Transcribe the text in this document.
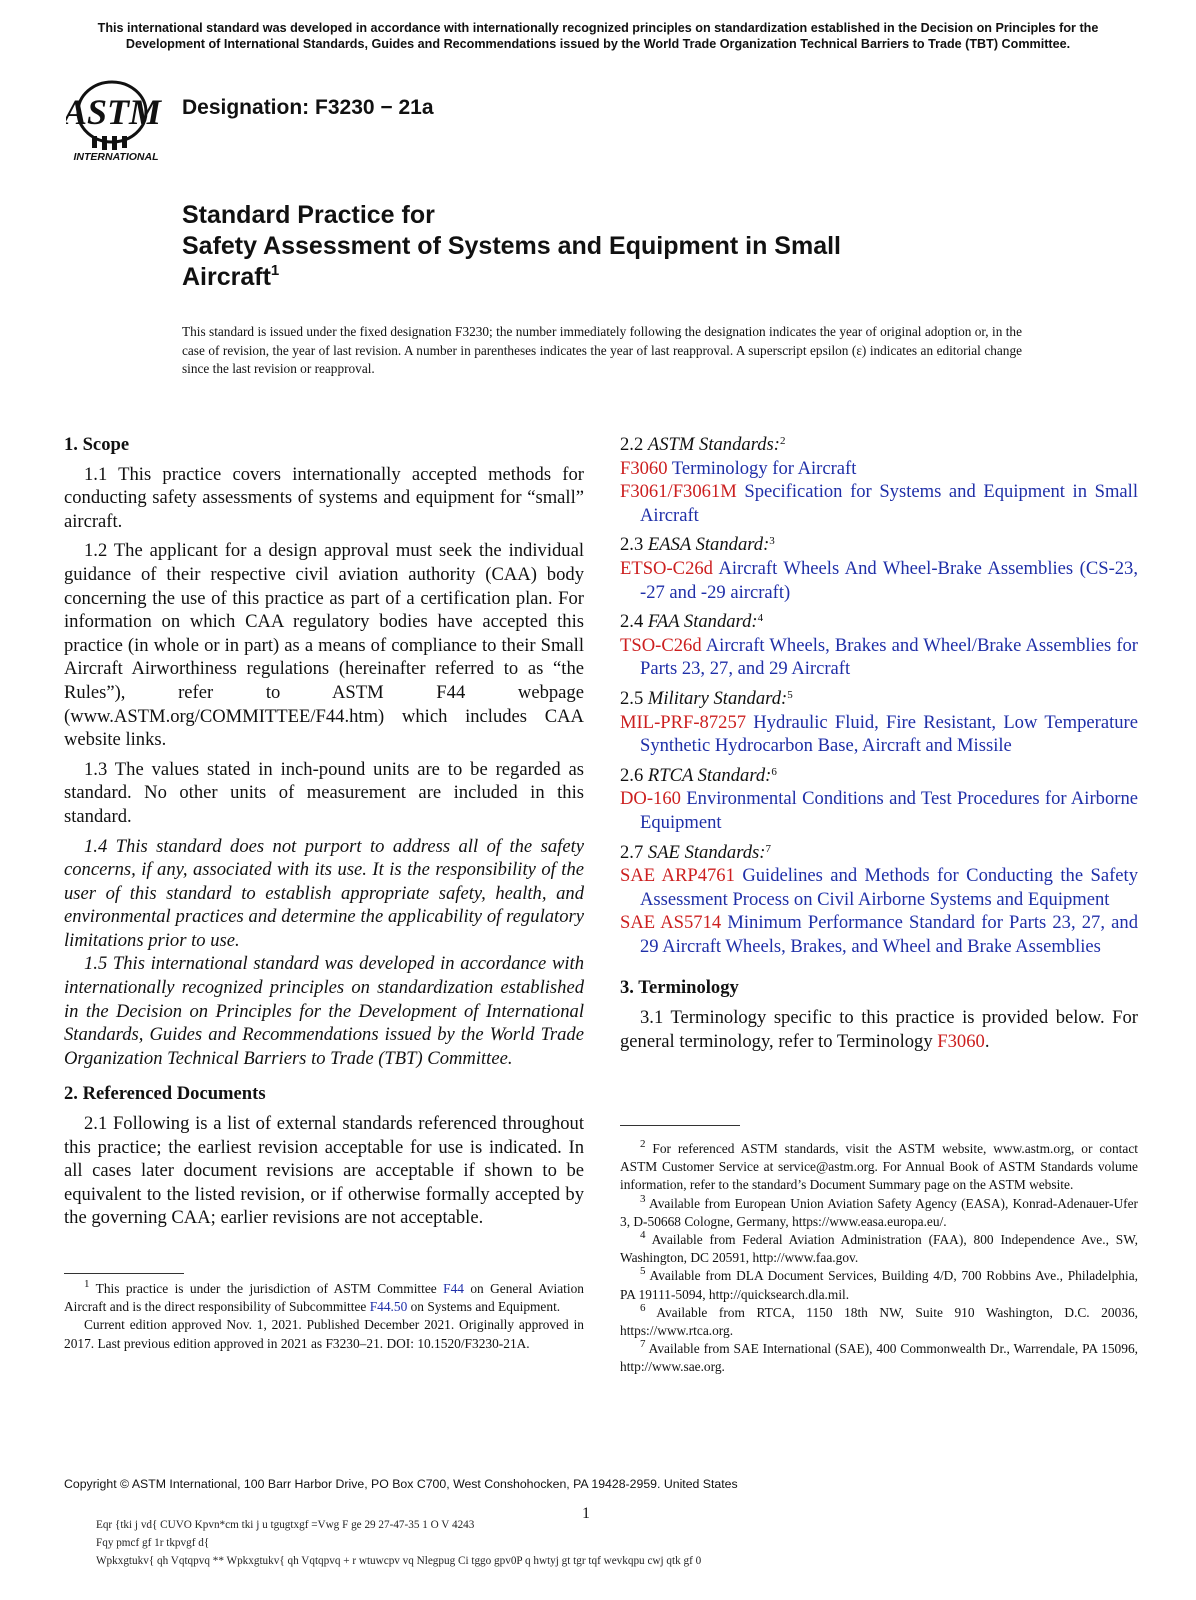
This international standard was developed in accordance with internationally recognized principles on standardization established in the Decision on Principles for the Development of International Standards, Guides and Recommendations issued by the World Trade Organization Technical Barriers to Trade (TBT) Committee.
ASTM
INTERNATIONAL
Designation: F3230 − 21a
Standard Practice for
Safety Assessment of Systems and Equipment in Small
Aircraft$^1$
This standard is issued under the fixed designation F3230; the number immediately following the designation indicates the year of original adoption or, in the case of revision, the year of last revision. A number in parentheses indicates the year of last reapproval. A superscript epsilon (ε) indicates an editorial change since the last revision or reapproval.

1. Scope

1.1 This practice covers internationally accepted methods for conducting safety assessments of systems and equipment for “small” aircraft.

1.2 The applicant for a design approval must seek the individual guidance of their respective civil aviation authority (CAA) body concerning the use of this practice as part of a certification plan. For information on which CAA regulatory bodies have accepted this practice (in whole or in part) as a means of compliance to their Small Aircraft Airworthiness regulations (hereinafter referred to as “the Rules”), refer to ASTM F44 webpage (www.ASTM.org/COMMITTEE/F44.htm) which includes CAA website links.

1.3 The values stated in inch-pound units are to be regarded as standard. No other units of measurement are included in this standard.

1.4 This standard does not purport to address all of the safety concerns, if any, associated with its use. It is the responsibility of the user of this standard to establish appropriate safety, health, and environmental practices and determine the applicability of regulatory limitations prior to use.

1.5 This international standard was developed in accordance with internationally recognized principles on standardization established in the Decision on Principles for the Development of International Standards, Guides and Recommendations issued by the World Trade Organization Technical Barriers to Trade (TBT) Committee.

2. Referenced Documents

2.1 Following is a list of external standards referenced throughout this practice; the earliest revision acceptable for use is indicated. In all cases later document revisions are acceptable if shown to be equivalent to the listed revision, or if otherwise formally accepted by the governing CAA; earlier revisions are not acceptable.

2.2 ASTM Standards:$^2$

F3060 Terminology for Aircraft

F3061/F3061M Specification for Systems and Equipment in Small Aircraft

2.3 EASA Standard:$^3$

ETSO-C26d Aircraft Wheels And Wheel-Brake Assemblies (CS-23, -27 and -29 aircraft)

2.4 FAA Standard:$^4$

TSO-C26d Aircraft Wheels, Brakes and Wheel/Brake Assemblies for Parts 23, 27, and 29 Aircraft

2.5 Military Standard:$^5$

MIL-PRF-87257 Hydraulic Fluid, Fire Resistant, Low Temperature Synthetic Hydrocarbon Base, Aircraft and Missile

2.6 RTCA Standard:$^6$

DO-160 Environmental Conditions and Test Procedures for Airborne Equipment

2.7 SAE Standards:$^7$

SAE ARP4761 Guidelines and Methods for Conducting the Safety Assessment Process on Civil Airborne Systems and Equipment

SAE AS5714 Minimum Performance Standard for Parts 23, 27, and 29 Aircraft Wheels, Brakes, and Wheel and Brake Assemblies

3. Terminology

3.1 Terminology specific to this practice is provided below. For general terminology, refer to Terminology F3060.

$^1$ This practice is under the jurisdiction of ASTM Committee F44 on General Aviation Aircraft and is the direct responsibility of Subcommittee F44.50 on Systems and Equipment.
Current edition approved Nov. 1, 2021. Published December 2021. Originally approved in 2017. Last previous edition approved in 2021 as F3230–21. DOI: 10.1520/F3230-21A.
$^2$ For referenced ASTM standards, visit the ASTM website, www.astm.org, or contact ASTM Customer Service at service@astm.org. For Annual Book of ASTM Standards volume information, refer to the standard’s Document Summary page on the ASTM website.
$^3$ Available from European Union Aviation Safety Agency (EASA), Konrad-Adenauer-Ufer 3, D-50668 Cologne, Germany, https://www.easa.europa.eu/.
$^4$ Available from Federal Aviation Administration (FAA), 800 Independence Ave., SW, Washington, DC 20591, http://www.faa.gov.
$^5$ Available from DLA Document Services, Building 4/D, 700 Robbins Ave., Philadelphia, PA 19111-5094, http://quicksearch.dla.mil.
$^6$ Available from RTCA, 1150 18th NW, Suite 910 Washington, D.C. 20036, https://www.rtca.org.
$^7$ Available from SAE International (SAE), 400 Commonwealth Dr., Warrendale, PA 15096, http://www.sae.org.
Copyright © ASTM International, 100 Barr Harbor Drive, PO Box C700, West Conshohocken, PA 19428-2959. United States
1
Eqr {tki j vd{ CUVO Kpvn*cm tki j u tgugtxgf =Vwg F ge 29 27-47-35 1 O V 4243
Fqy pmcf gf 1r tkpvgf d{
Wpkxgtukv{ qh Vqtqpvq ** Wpkxgtukv{ qh Vqtqpvq + r wtuwcpv vq Nlegpug Ci tggo gpv0P q hwtyj gt tgr tqf wevkqpu cwj qtk gf 0
